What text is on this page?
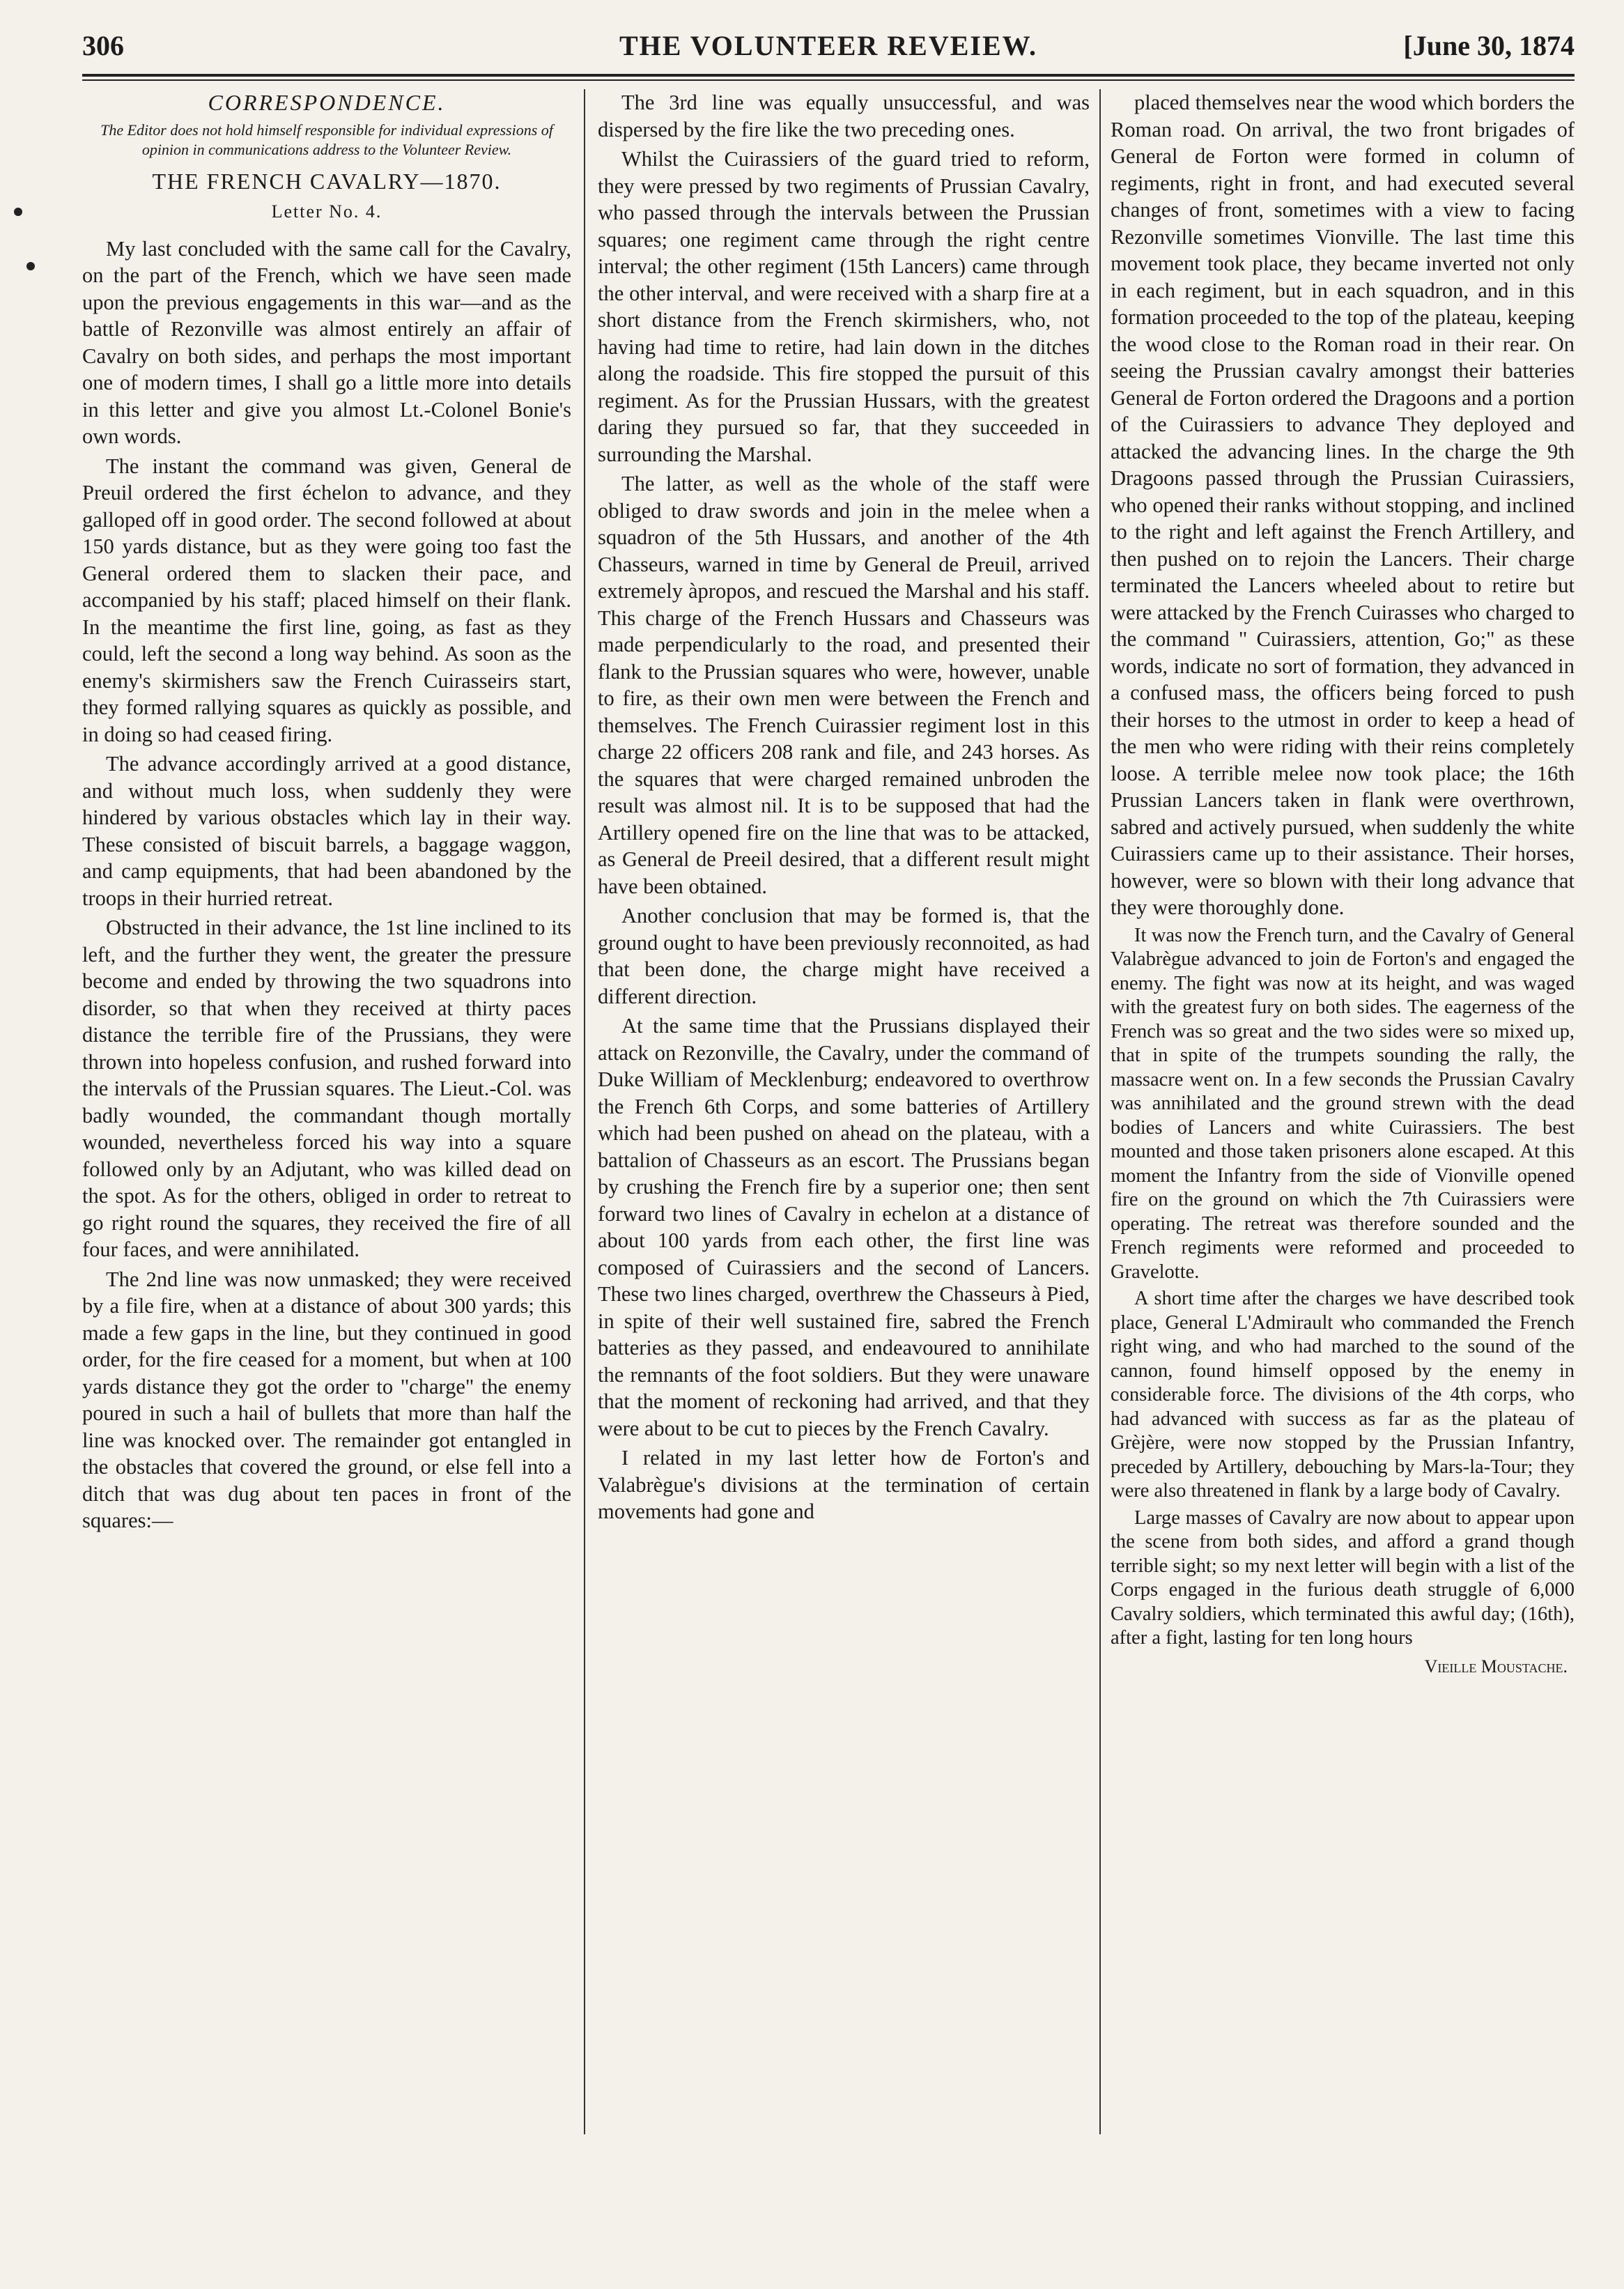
306	THE VOLUNTEER REVEIEW.	[June 30, 1874
CORRESPONDENCE.
The Editor does not hold himself responsible for individual expressions of opinion in communications address to the Volunteer Review.
THE FRENCH CAVALRY—1870.
Letter No. 4.

My last concluded with the same call for the Cavalry, on the part of the French, which we have seen made upon the previous engagements in this war—and as the battle of Rezonville was almost entirely an affair of Cavalry on both sides, and perhaps the most important one of modern times, I shall go a little more into details in this letter and give you almost Lt.-Colonel Bonie's own words.

The instant the command was given, General de Preuil ordered the first échelon to advance, and they galloped off in good order. The second followed at about 150 yards distance, but as they were going too fast the General ordered them to slacken their pace, and accompanied by his staff; placed himself on their flank. In the meantime the first line, going, as fast as they could, left the second a long way behind. As soon as the enemy's skirmishers saw the French Cuirasseirs start, they formed rallying squares as quickly as possible, and in doing so had ceased firing.

The advance accordingly arrived at a good distance, and without much loss, when suddenly they were hindered by various obstacles which lay in their way. These consisted of biscuit barrels, a baggage waggon, and camp equipments, that had been abandoned by the troops in their hurried retreat.

Obstructed in their advance, the 1st line inclined to its left, and the further they went, the greater the pressure become and ended by throwing the two squadrons into disorder, so that when they received at thirty paces distance the terrible fire of the Prussians, they were thrown into hopeless confusion, and rushed forward into the intervals of the Prussian squares. The Lieut.-Col. was badly wounded, the commandant though mortally wounded, nevertheless forced his way into a square followed only by an Adjutant, who was killed dead on the spot. As for the others, obliged in order to retreat to go right round the squares, they received the fire of all four faces, and were annihilated.

The 2nd line was now unmasked; they were received by a file fire, when at a distance of about 300 yards; this made a few gaps in the line, but they continued in good order, for the fire ceased for a moment, but when at 100 yards distance they got the order to "charge" the enemy poured in such a hail of bullets that more than half the line was knocked over. The remainder got entangled in the obstacles that covered the ground, or else fell into a ditch that was dug about ten paces in front of the squares:—

The 3rd line was equally unsuccessful, and was dispersed by the fire like the two preceding ones.

Whilst the Cuirassiers of the guard tried to reform, they were pressed by two regiments of Prussian Cavalry, who passed through the intervals between the Prussian squares; one regiment came through the right centre interval; the other regiment (15th Lancers) came through the other interval, and were received with a sharp fire at a short distance from the French skirmishers, who, not having had time to retire, had lain down in the ditches along the roadside. This fire stopped the pursuit of this regiment. As for the Prussian Hussars, with the greatest daring they pursued so far, that they succeeded in surrounding the Marshal.

The latter, as well as the whole of the staff were obliged to draw swords and join in the melee when a squadron of the 5th Hussars, and another of the 4th Chasseurs, warned in time by General de Preuil, arrived extremely àpropos, and rescued the Marshal and his staff. This charge of the French Hussars and Chasseurs was made perpendicularly to the road, and presented their flank to the Prussian squares who were, however, unable to fire, as their own men were between the French and themselves. The French Cuirassier regiment lost in this charge 22 officers 208 rank and file, and 243 horses. As the squares that were charged remained unbroden the result was almost nil. It is to be supposed that had the Artillery opened fire on the line that was to be attacked, as General de Preeil desired, that a different result might have been obtained.

Another conclusion that may be formed is, that the ground ought to have been previously reconnoited, as had that been done, the charge might have received a different direction.

At the same time that the Prussians displayed their attack on Rezonville, the Cavalry, under the command of Duke William of Mecklenburg; endeavored to overthrow the French 6th Corps, and some batteries of Artillery which had been pushed on ahead on the plateau, with a battalion of Chasseurs as an escort. The Prussians began by crushing the French fire by a superior one; then sent forward two lines of Cavalry in echelon at a distance of about 100 yards from each other, the first line was composed of Cuirassiers and the second of Lancers. These two lines charged, overthrew the Chasseurs à Pied, in spite of their well sustained fire, sabred the French batteries as they passed, and endeavoured to annihilate the remnants of the foot soldiers. But they were unaware that the moment of reckoning had arrived, and that they were about to be cut to pieces by the French Cavalry.

I related in my last letter how de Forton's and Valabrègue's divisions at the termination of certain movements had gone and

placed themselves near the wood which borders the Roman road. On arrival, the two front brigades of General de Forton were formed in column of regiments, right in front, and had executed several changes of front, sometimes with a view to facing Rezonville sometimes Vionville. The last time this movement took place, they became inverted not only in each regiment, but in each squadron, and in this formation proceeded to the top of the plateau, keeping the wood close to the Roman road in their rear. On seeing the Prussian cavalry amongst their batteries General de Forton ordered the Dragoons and a portion of the Cuirassiers to advance They deployed and attacked the advancing lines. In the charge the 9th Dragoons passed through the Prussian Cuirassiers, who opened their ranks without stopping, and inclined to the right and left against the French Artillery, and then pushed on to rejoin the Lancers. Their charge terminated the Lancers wheeled about to retire but were attacked by the French Cuirasses who charged to the command " Cuirassiers, attention, Go;" as these words, indicate no sort of formation, they advanced in a confused mass, the officers being forced to push their horses to the utmost in order to keep a head of the men who were riding with their reins completely loose. A terrible melee now took place; the 16th Prussian Lancers taken in flank were overthrown, sabred and actively pursued, when suddenly the white Cuirassiers came up to their assistance. Their horses, however, were so blown with their long advance that they were thoroughly done.

It was now the French turn, and the Cavalry of General Valabrègue advanced to join de Forton's and engaged the enemy. The fight was now at its height, and was waged with the greatest fury on both sides. The eagerness of the French was so great and the two sides were so mixed up, that in spite of the trumpets sounding the rally, the massacre went on. In a few seconds the Prussian Cavalry was annihilated and the ground strewn with the dead bodies of Lancers and white Cuirassiers. The best mounted and those taken prisoners alone escaped. At this moment the Infantry from the side of Vionville opened fire on the ground on which the 7th Cuirassiers were operating. The retreat was therefore sounded and the French regiments were reformed and proceeded to Gravelotte.

A short time after the charges we have described took place, General L'Admirault who commanded the French right wing, and who had marched to the sound of the cannon, found himself opposed by the enemy in considerable force. The divisions of the 4th corps, who had advanced with success as far as the plateau of Grèjère, were now stopped by the Prussian Infantry, preceded by Artillery, debouching by Mars-la-Tour; they were also threatened in flank by a large body of Cavalry.

Large masses of Cavalry are now about to appear upon the scene from both sides, and afford a grand though terrible sight; so my next letter will begin with a list of the Corps engaged in the furious death struggle of 6,000 Cavalry soldiers, which terminated this awful day; (16th), after a fight, lasting for ten long hours

Vieille Moustache.
